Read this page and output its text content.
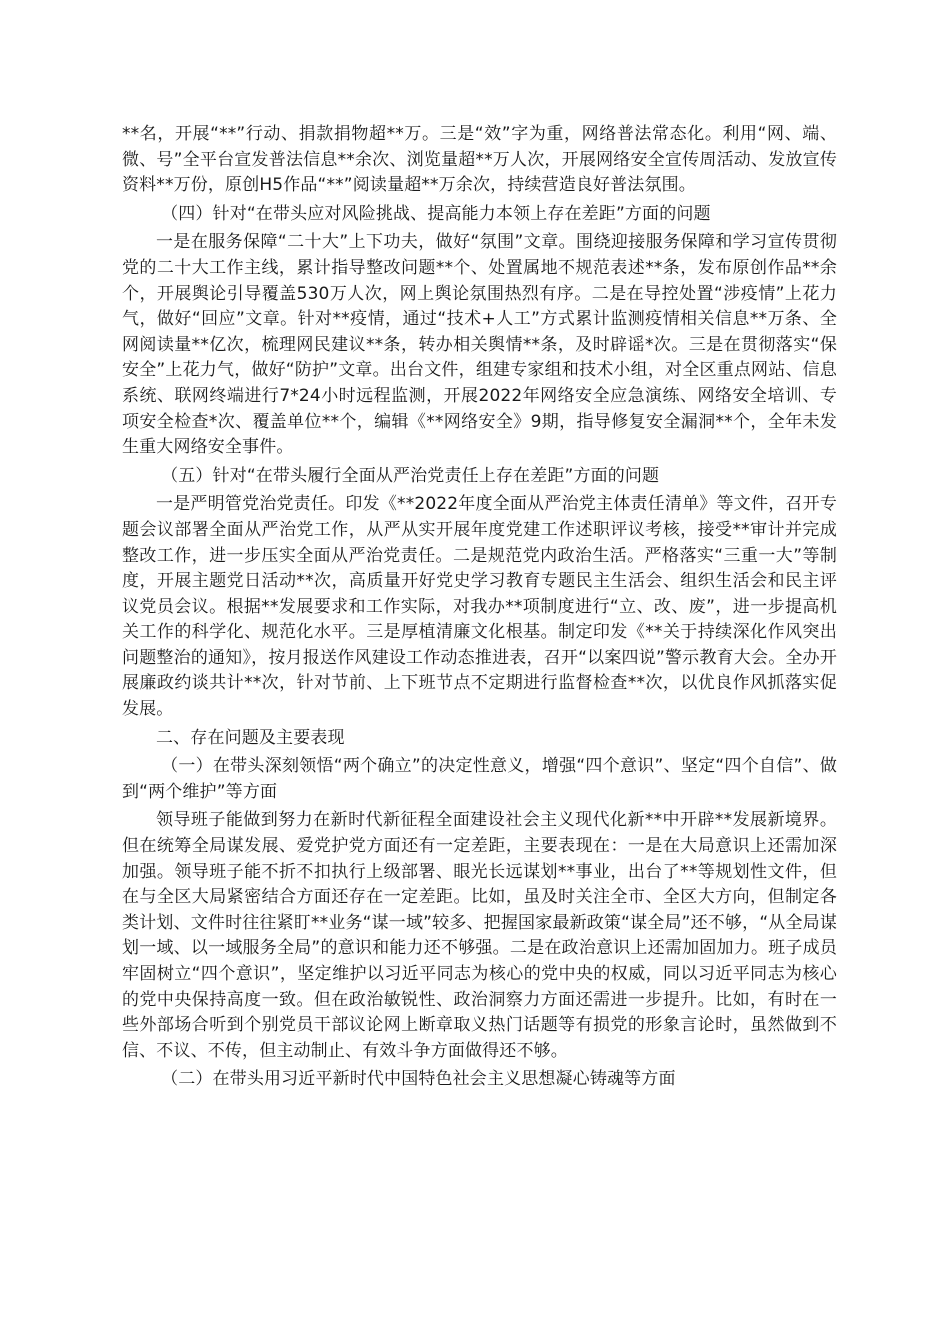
**名，开展“**”行动、捐款捐物超**万。三是“效”字为重，网络普法常态化。利用“网、端、微、号”全平台宣发普法信息**余次、浏览量超**万人次，开展网络安全宣传周活动、发放宣传资料**万份，原创H5作品“**”阅读量超**万余次，持续营造良好普法氛围。

（四）针对“在带头应对风险挑战、提高能力本领上存在差距”方面的问题

一是在服务保障“二十大”上下功夫，做好“氛围”文章。围绕迎接服务保障和学习宣传贯彻党的二十大工作主线，累计指导整改问题**个、处置属地不规范表述**条，发布原创作品**余个，开展舆论引导覆盖530万人次，网上舆论氛围热烈有序。二是在导控处置“涉疫情”上花力气，做好“回应”文章。针对**疫情，通过“技术+人工”方式累计监测疫情相关信息**万条、全网阅读量**亿次，梳理网民建议**条，转办相关舆情**条，及时辟谣*次。三是在贯彻落实“保安全”上花力气，做好“防护”文章。出台文件，组建专家组和技术小组，对全区重点网站、信息系统、联网终端进行7*24小时远程监测，开展2022年网络安全应急演练、网络安全培训、专项安全检查*次、覆盖单位**个，编辑《**网络安全》9期，指导修复安全漏洞**个，全年未发生重大网络安全事件。

（五）针对“在带头履行全面从严治党责任上存在差距”方面的问题

一是严明管党治党责任。印发《**2022年度全面从严治党主体责任清单》等文件，召开专题会议部署全面从严治党工作，从严从实开展年度党建工作述职评议考核，接受**审计并完成整改工作，进一步压实全面从严治党责任。二是规范党内政治生活。严格落实“三重一大”等制度，开展主题党日活动**次，高质量开好党史学习教育专题民主生活会、组织生活会和民主评议党员会议。根据**发展要求和工作实际，对我办**项制度进行“立、改、废”，进一步提高机关工作的科学化、规范化水平。三是厚植清廉文化根基。制定印发《**关于持续深化作风突出问题整治的通知》，按月报送作风建设工作动态推进表，召开“以案四说”警示教育大会。全办开展廉政约谈共计**次，针对节前、上下班节点不定期进行监督检查**次，以优良作风抓落实促发展。

二、存在问题及主要表现

（一）在带头深刻领悟“两个确立”的决定性意义，增强“四个意识”、坚定“四个自信”、做到“两个维护”等方面

领导班子能做到努力在新时代新征程全面建设社会主义现代化新**中开辟**发展新境界。但在统筹全局谋发展、爱党护党方面还有一定差距，主要表现在：一是在大局意识上还需加深加强。领导班子能不折不扣执行上级部署、眼光长远谋划**事业，出台了**等规划性文件，但在与全区大局紧密结合方面还存在一定差距。比如，虽及时关注全市、全区大方向，但制定各类计划、文件时往往紧盯**业务“谋一域”较多、把握国家最新政策“谋全局”还不够，“从全局谋划一域、以一域服务全局”的意识和能力还不够强。二是在政治意识上还需加固加力。班子成员牢固树立“四个意识”，坚定维护以习近平同志为核心的党中央的权威，同以习近平同志为核心的党中央保持高度一致。但在政治敏锐性、政治洞察力方面还需进一步提升。比如，有时在一些外部场合听到个别党员干部议论网上断章取义热门话题等有损党的形象言论时，虽然做到不信、不议、不传，但主动制止、有效斗争方面做得还不够。

（二）在带头用习近平新时代中国特色社会主义思想凝心铸魂等方面
